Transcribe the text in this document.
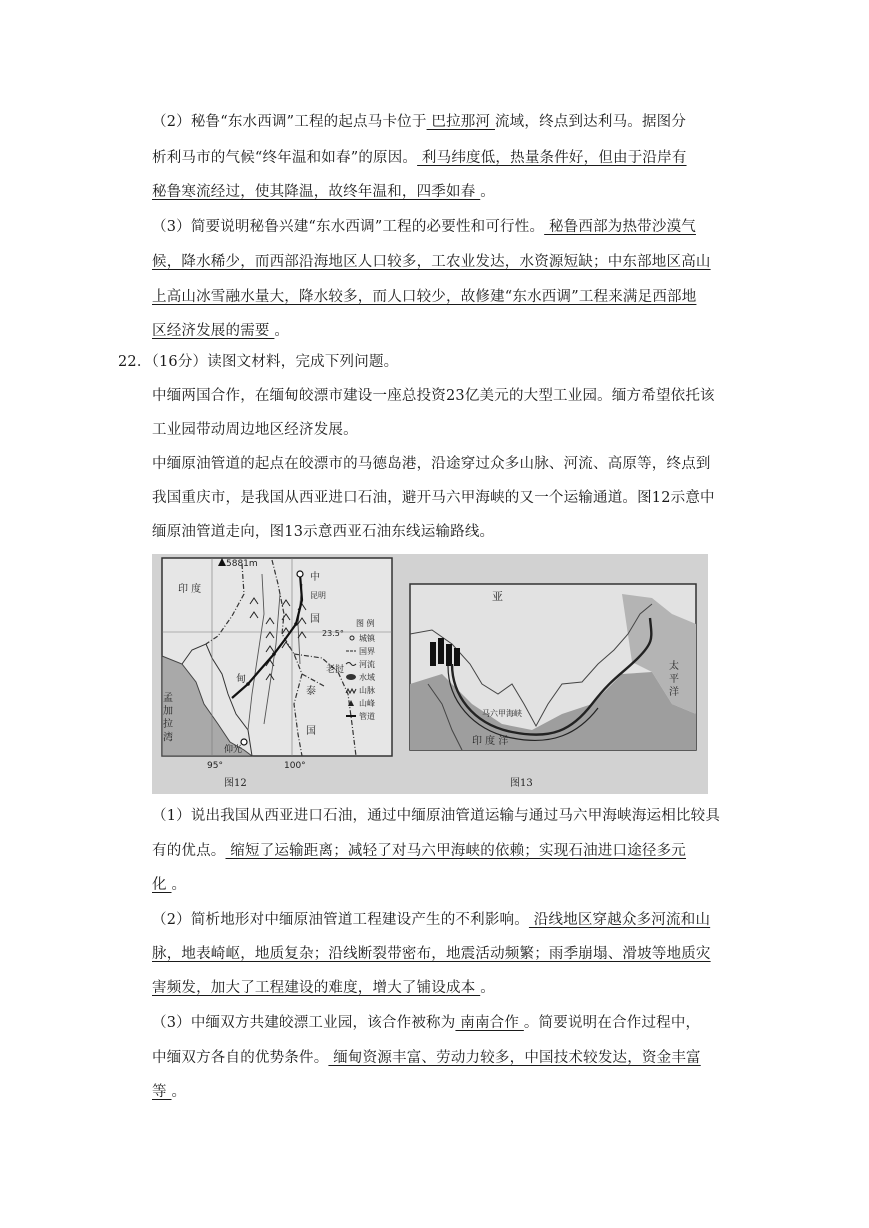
（2）秘鲁“东水西调”工程的起点马卡位于 巴拉那河 流域，终点到达利马。据图分
析利马市的气候“终年温和如春”的原因。 利马纬度低，热量条件好，但由于沿岸有
秘鲁寒流经过，使其降温，故终年温和，四季如春 。
（3）简要说明秘鲁兴建“东水西调”工程的必要性和可行性。 秘鲁西部为热带沙漠气
候，降水稀少，而西部沿海地区人口较多，工农业发达，水资源短缺；中东部地区高山
上高山冰雪融水量大，降水较多，而人口较少，故修建“东水西调”工程来满足西部地
区经济发展的需要 。
22．（16分）读图文材料，完成下列问题。
中缅两国合作，在缅甸皎漂市建设一座总投资23亿美元的大型工业园。缅方希望依托该
工业园带动周边地区经济发展。
中缅原油管道的起点在皎漂市的马德岛港，沿途穿过众多山脉、河流、高原等，终点到
我国重庆市，是我国从西亚进口石油，避开马六甲海峡的又一个运输通道。图12示意中
缅原油管道走向，图13示意西亚石油东线运输路线。
5881m
印 度
中
国
昆明
23.5°
甸
泰
国
老挝
孟 加 拉 湾
仰光
95°	100°
图12
图 例
城镇
国界
河流
水域
山脉
山峰
管道
亚
太 平 洋
印 度 洋
马六甲海峡
图13
（1）说出我国从西亚进口石油，通过中缅原油管道运输与通过马六甲海峡海运相比较具
有的优点。 缩短了运输距离；减轻了对马六甲海峡的依赖；实现石油进口途径多元
化 。
（2）简析地形对中缅原油管道工程建设产生的不利影响。 沿线地区穿越众多河流和山
脉，地表崎岖，地质复杂；沿线断裂带密布，地震活动频繁；雨季崩塌、滑坡等地质灾
害频发，加大了工程建设的难度，增大了铺设成本 。
（3）中缅双方共建皎漂工业园，该合作被称为 南南合作 。简要说明在合作过程中，
中缅双方各自的优势条件。 缅甸资源丰富、劳动力较多，中国技术较发达，资金丰富
等 。
